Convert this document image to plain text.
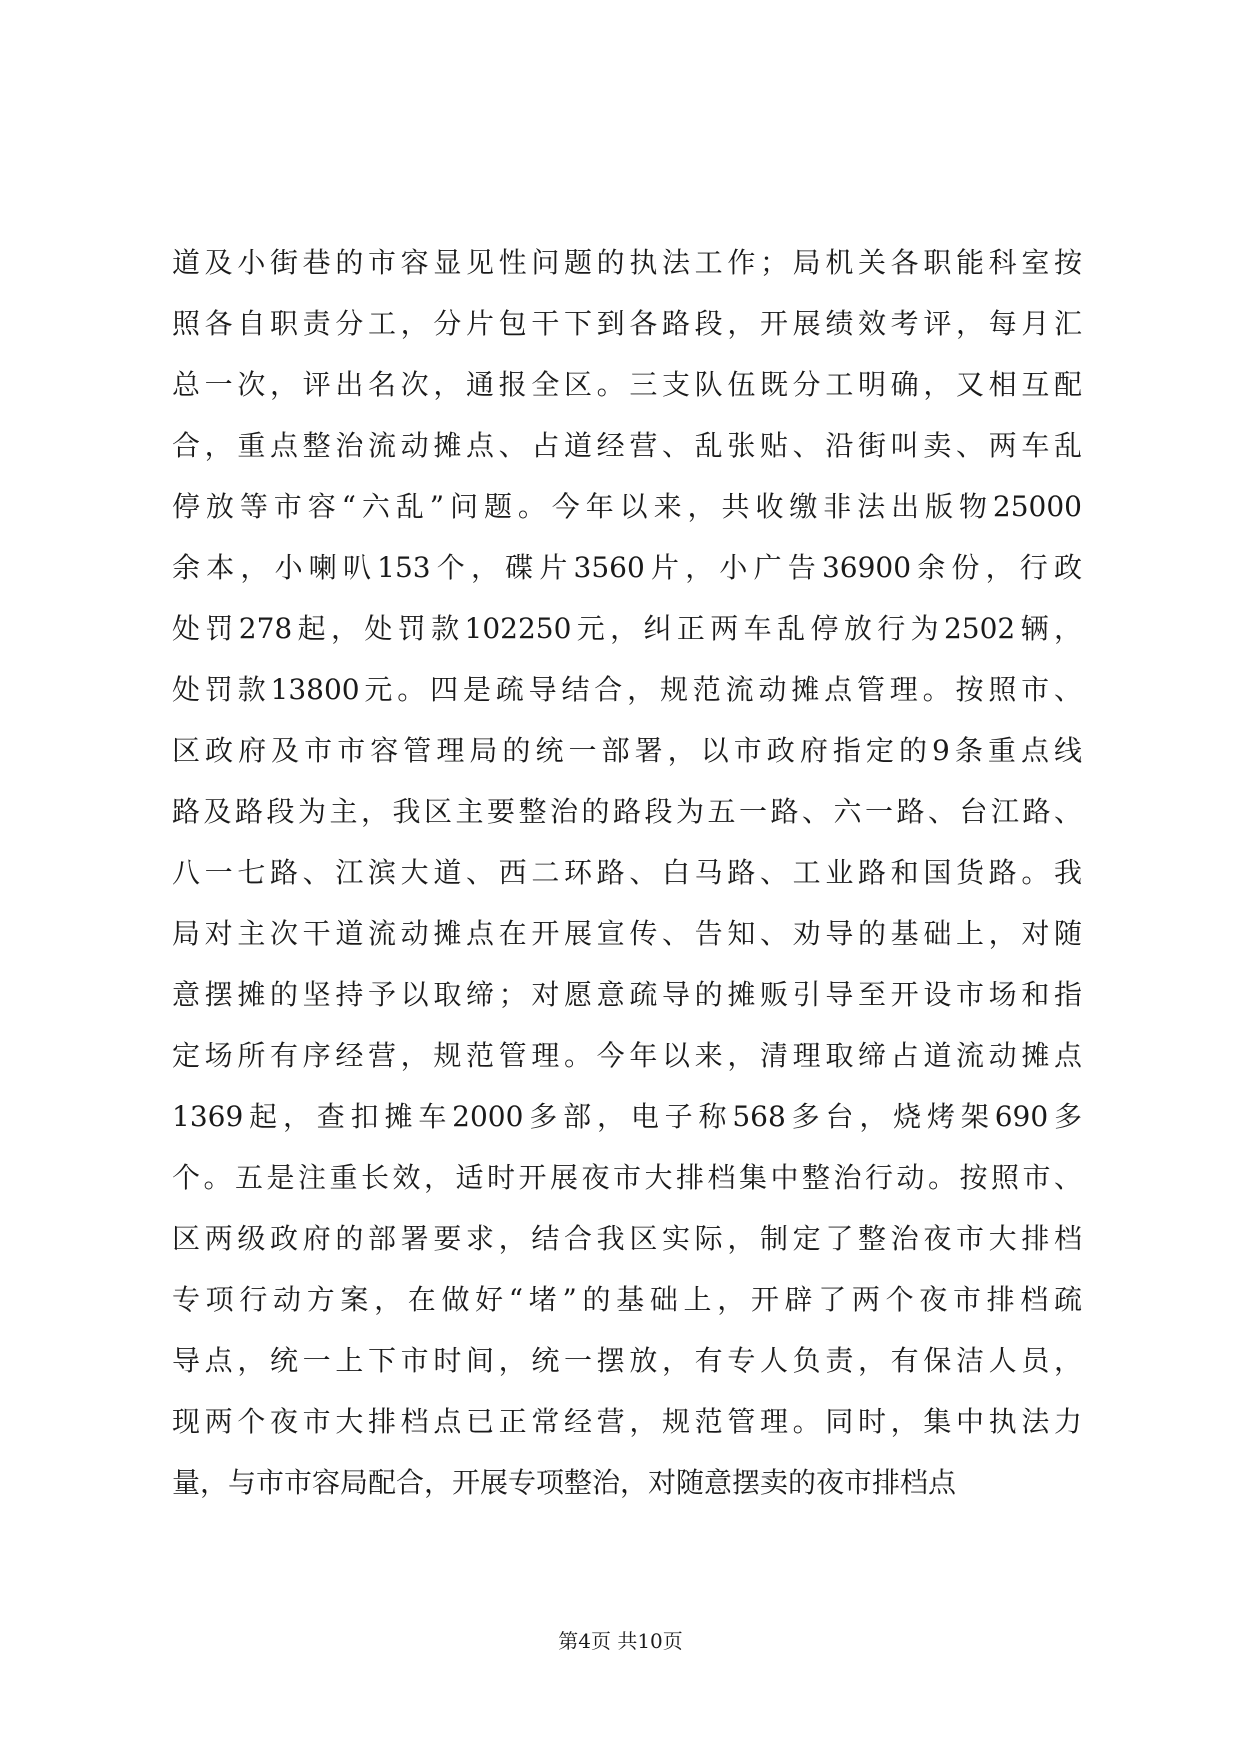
道及小街巷的市容显见性问题的执法工作；局机关各职能科室按
照各自职责分工，分片包干下到各路段，开展绩效考评，每月汇
总一次，评出名次，通报全区。三支队伍既分工明确，又相互配
合，重点整治流动摊点、占道经营、乱张贴、沿街叫卖、两车乱
停放等市容“六乱”问题。今年以来，共收缴非法出版物25000
余本，小喇叭153个，碟片3560片，小广告36900余份，行政
处罚278起，处罚款102250元，纠正两车乱停放行为2502辆，
处罚款13800元。四是疏导结合，规范流动摊点管理。按照市、
区政府及市市容管理局的统一部署，以市政府指定的9条重点线
路及路段为主，我区主要整治的路段为五一路、六一路、台江路、
八一七路、江滨大道、西二环路、白马路、工业路和国货路。我
局对主次干道流动摊点在开展宣传、告知、劝导的基础上，对随
意摆摊的坚持予以取缔；对愿意疏导的摊贩引导至开设市场和指
定场所有序经营，规范管理。今年以来，清理取缔占道流动摊点
1369起，查扣摊车2000多部，电子称568多台，烧烤架690多
个。五是注重长效，适时开展夜市大排档集中整治行动。按照市、
区两级政府的部署要求，结合我区实际，制定了整治夜市大排档
专项行动方案，在做好“堵”的基础上，开辟了两个夜市排档疏
导点，统一上下市时间，统一摆放，有专人负责，有保洁人员，
现两个夜市大排档点已正常经营，规范管理。同时，集中执法力
量，与市市容局配合，开展专项整治，对随意摆卖的夜市排档点
第4页 共10页
